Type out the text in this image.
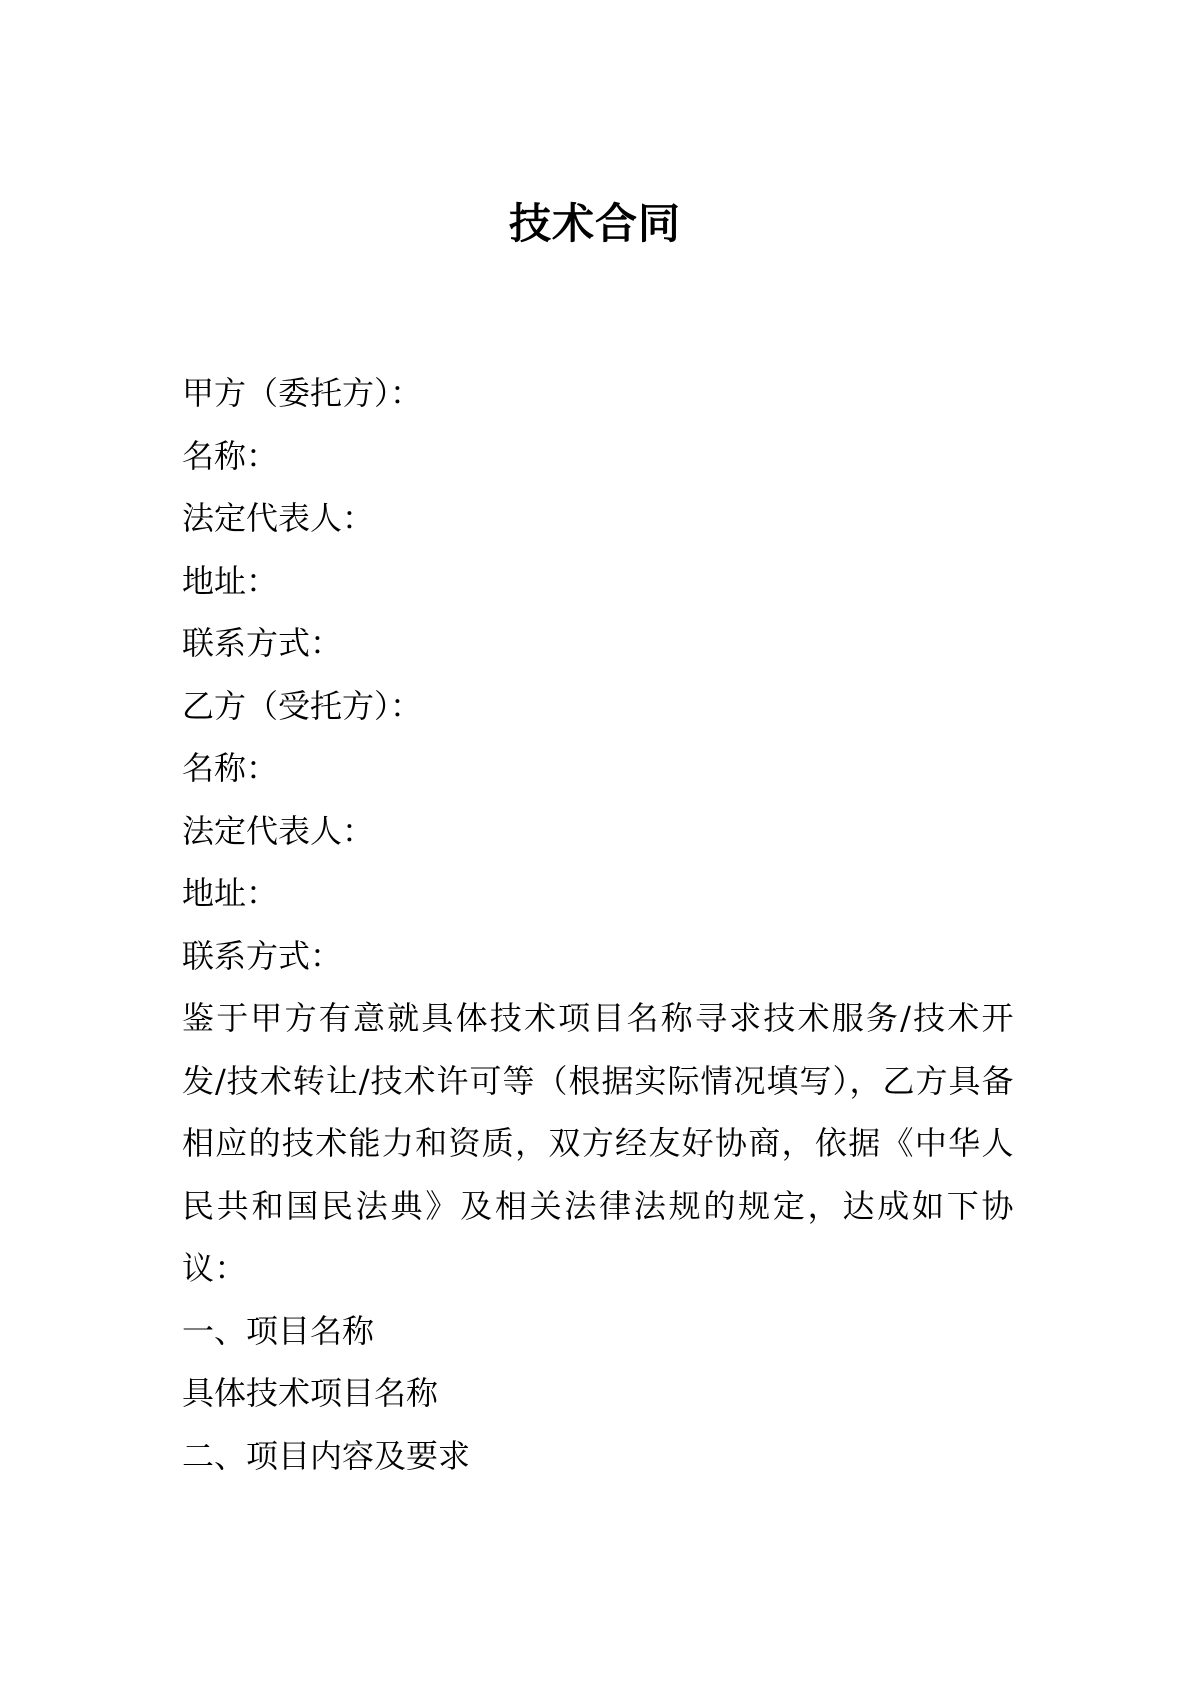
技术合同
甲方（委托方）：
名称：
法定代表人：
地址：
联系方式：
乙方（受托方）：
名称：
法定代表人：
地址：
联系方式：
鉴于甲方有意就具体技术项目名称寻求技术服务/技术开发/技术转让/技术许可等（根据实际情况填写），乙方具备相应的技术能力和资质，双方经友好协商，依据《中华人民共和国民法典》及相关法律法规的规定，达成如下协议：
一、项目名称
具体技术项目名称
二、项目内容及要求
